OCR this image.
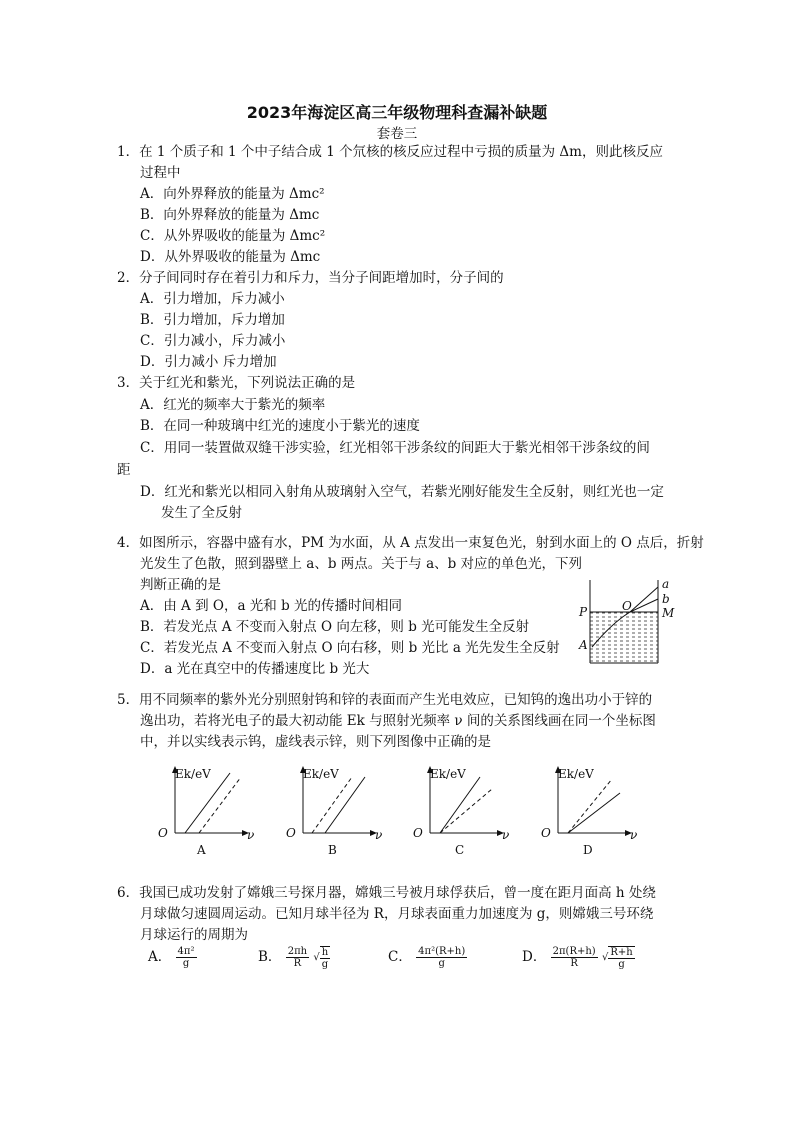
2023年海淀区高三年级物理科查漏补缺题
套卷三
1．在 1 个质子和 1 个中子结合成 1 个氘核的核反应过程中亏损的质量为 Δm，则此核反应
过程中
A．向外界释放的能量为 Δmc²
B．向外界释放的能量为 Δmc
C．从外界吸收的能量为 Δmc²
D．从外界吸收的能量为 Δmc
2．分子间同时存在着引力和斥力，当分子间距增加时，分子间的
A．引力增加，斥力减小
B．引力增加，斥力增加
C．引力减小，斥力减小
D．引力减小 斥力增加
3．关于红光和紫光，下列说法正确的是
A．红光的频率大于紫光的频率
B．在同一种玻璃中红光的速度小于紫光的速度
C．用同一装置做双缝干涉实验，红光相邻干涉条纹的间距大于紫光相邻干涉条纹的间
距
D．红光和紫光以相同入射角从玻璃射入空气，若紫光刚好能发生全反射，则红光也一定
发生了全反射
4．如图所示，容器中盛有水，PM 为水面，从 A 点发出一束复色光，射到水面上的 O 点后，折射
光发生了色散，照到器壁上 a、b 两点。关于与 a、b 对应的单色光，下列
判断正确的是
A．由 A 到 O，a 光和 b 光的传播时间相同
B．若发光点 A 不变而入射点 O 向左移，则 b 光可能发生全反射
C．若发光点 A 不变而入射点 O 向右移，则 b 光比 a 光先发生全反射
D．a 光在真空中的传播速度比 b 光大
a
b
M
P	O
A
5．用不同频率的紫外光分别照射钨和锌的表面而产生光电效应，已知钨的逸出功小于锌的
逸出功，若将光电子的最大初动能 Ek 与照射光频率 ν 间的关系图线画在同一个坐标图
中，并以实线表示钨，虚线表示锌，则下列图像中正确的是
Ek/eV
O	ν
A
Ek/eV
O	ν
B
Ek/eV
O	ν
C
Ek/eV
O	ν
D
6．我国已成功发射了嫦娥三号探月器，嫦娥三号被月球俘获后，曾一度在距月面高 h 处绕
月球做匀速圆周运动。已知月球半径为 R，月球表面重力加速度为 g，则嫦娥三号环绕
月球运行的周期为
A． $\frac{\text{4π²}}{g}$	B． $\frac{2\pi h}{R}$ √ $\frac{h}{g}$	C． $\frac{\text{4π²(R+h)}}{g}$	D． $\frac{2\pi(R+h)}{R}$ √ $\frac{R+h}{g}$
